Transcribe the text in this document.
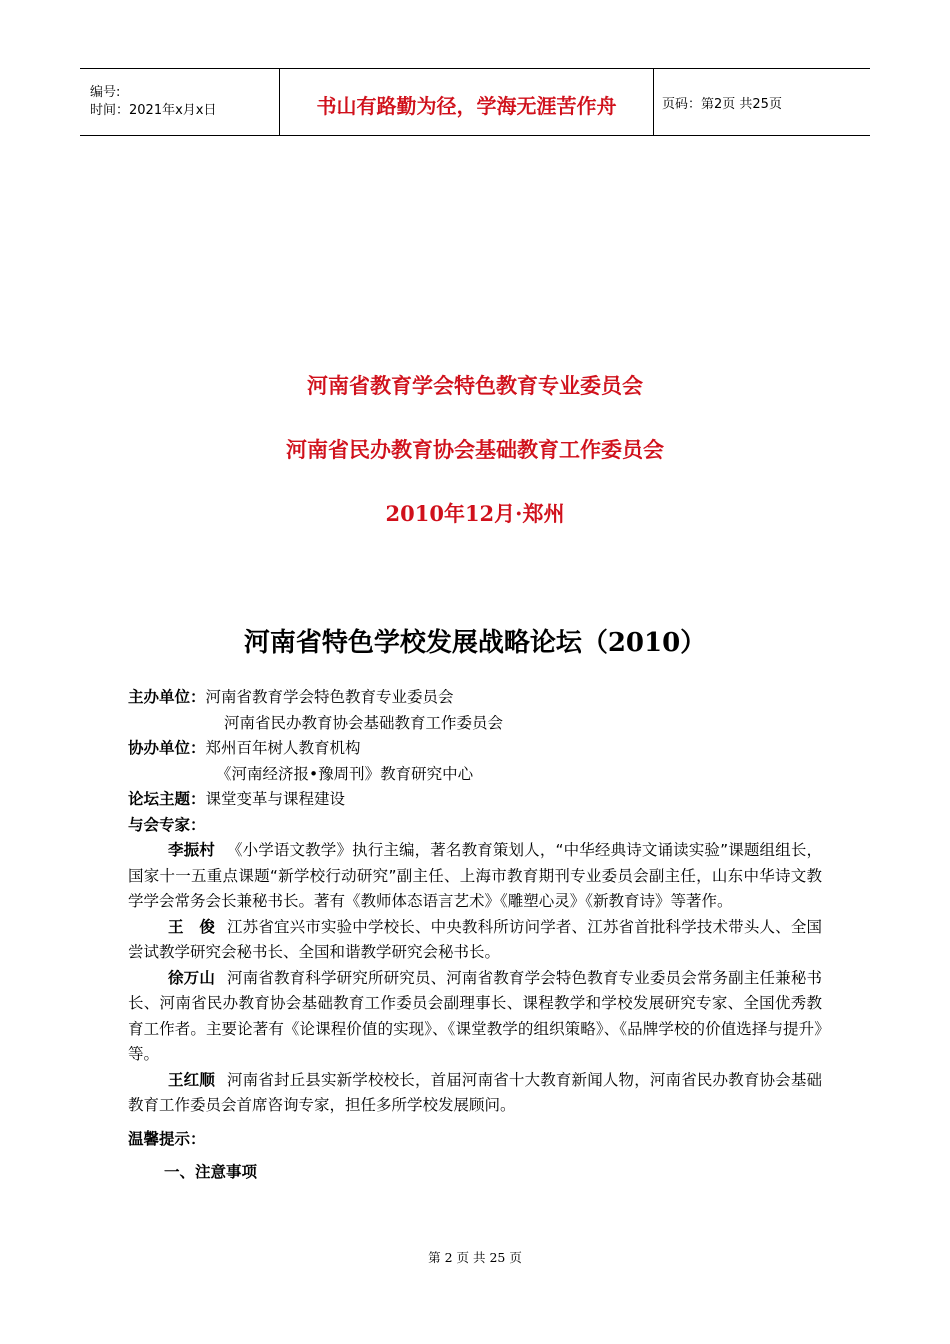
编号:
时间：2021年x月x日	书山有路勤为径，学海无涯苦作舟	页码：第2页 共25页
河南省教育学会特色教育专业委员会
河南省民办教育协会基础教育工作委员会
2010年12月·郑州
河南省特色学校发展战略论坛（2010）
主办单位：河南省教育学会特色教育专业委员会
河南省民办教育协会基础教育工作委员会
协办单位：郑州百年树人教育机构
《河南经济报•豫周刊》教育研究中心
论坛主题：课堂变革与课程建设
与会专家：
李振村 《小学语文教学》执行主编，著名教育策划人，“中华经典诗文诵读实验”课题组组长，国家十一五重点课题“新学校行动研究”副主任、上海市教育期刊专业委员会副主任，山东中华诗文教学学会常务会长兼秘书长。著有《教师体态语言艺术》《雕塑心灵》《新教育诗》等著作。
王　俊 江苏省宜兴市实验中学校长、中央教科所访问学者、江苏省首批科学技术带头人、全国尝试教学研究会秘书长、全国和谐教学研究会秘书长。
徐万山 河南省教育科学研究所研究员、河南省教育学会特色教育专业委员会常务副主任兼秘书长、河南省民办教育协会基础教育工作委员会副理事长、课程教学和学校发展研究专家、全国优秀教育工作者。主要论著有《论课程价值的实现》、《课堂教学的组织策略》、《品牌学校的价值选择与提升》等。
王红顺 河南省封丘县实新学校校长，首届河南省十大教育新闻人物，河南省民办教育协会基础教育工作委员会首席咨询专家，担任多所学校发展顾问。
温馨提示：
一、注意事项
第 2 页 共 25 页
